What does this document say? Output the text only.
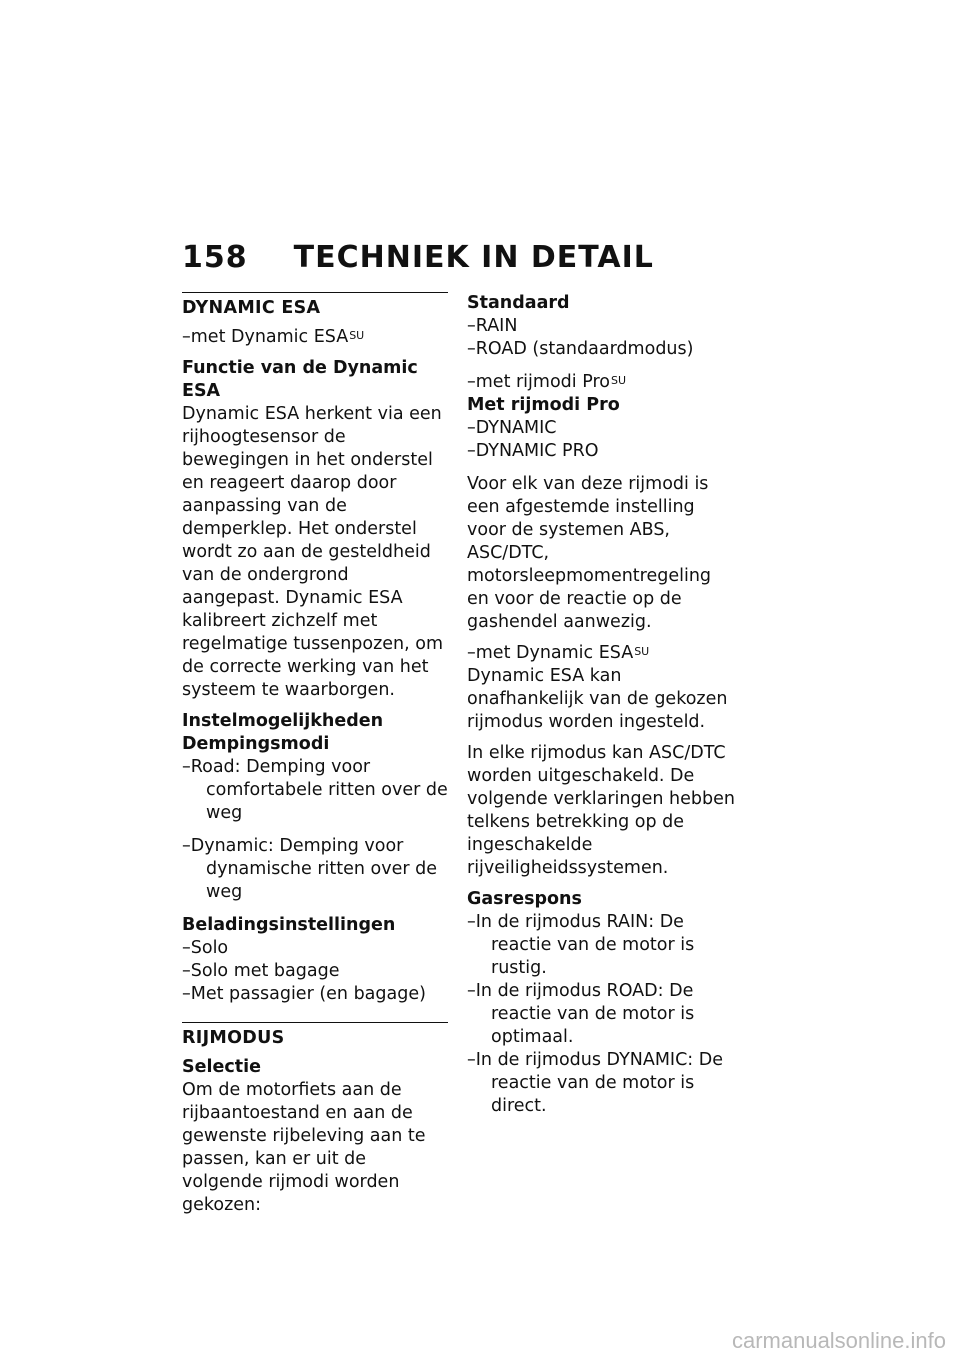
158 TECHNIEK IN DETAIL
DYNAMIC ESA

–met Dynamic $ESA^{SU}$

Functie van de Dynamic ESA

Dynamic ESA herkent via een rijhoogtesensor de bewegingen in het onderstel en reageert daarop door aanpassing van de demperklep. Het onderstel wordt zo aan de gesteldheid van de ondergrond aangepast. Dynamic ESA kalibreert zichzelf met regelmatige tussenpozen, om de correcte werking van het systeem te waarborgen.

Instelmogelijkheden

Dempingsmodi

–Road: Demping voor comfortabele ritten over de weg

–Dynamic: Demping voor dynamische ritten over de weg

Beladingsinstellingen

–Solo

–Solo met bagage

–Met passagier (en bagage)

RIJMODUS

Selectie

Om de motorfiets aan de rijbaantoestand en aan de gewenste rijbeleving aan te passen, kan er uit de volgende rijmodi worden gekozen:

Standaard

–RAIN

–ROAD (standaardmodus)

–met rijmodi Pro$^{SU}$

Met rijmodi Pro

–DYNAMIC

–DYNAMIC PRO

Voor elk van deze rijmodi is een afgestemde instelling voor de systemen ABS, ASC/DTC, motorsleepmomentregeling en voor de reactie op de gashendel aanwezig.

–met Dynamic $ESA^{SU}$

Dynamic ESA kan onafhankelijk van de gekozen rijmodus worden ingesteld.

In elke rijmodus kan ASC/DTC worden uitgeschakeld. De volgende verklaringen hebben telkens betrekking op de ingeschakelde rijveiligheidssystemen.

Gasrespons

–In de rijmodus RAIN: De reactie van de motor is rustig.

–In de rijmodus ROAD: De reactie van de motor is optimaal.

–In de rijmodus DYNAMIC: De reactie van de motor is direct.

carmanualsonline.info
